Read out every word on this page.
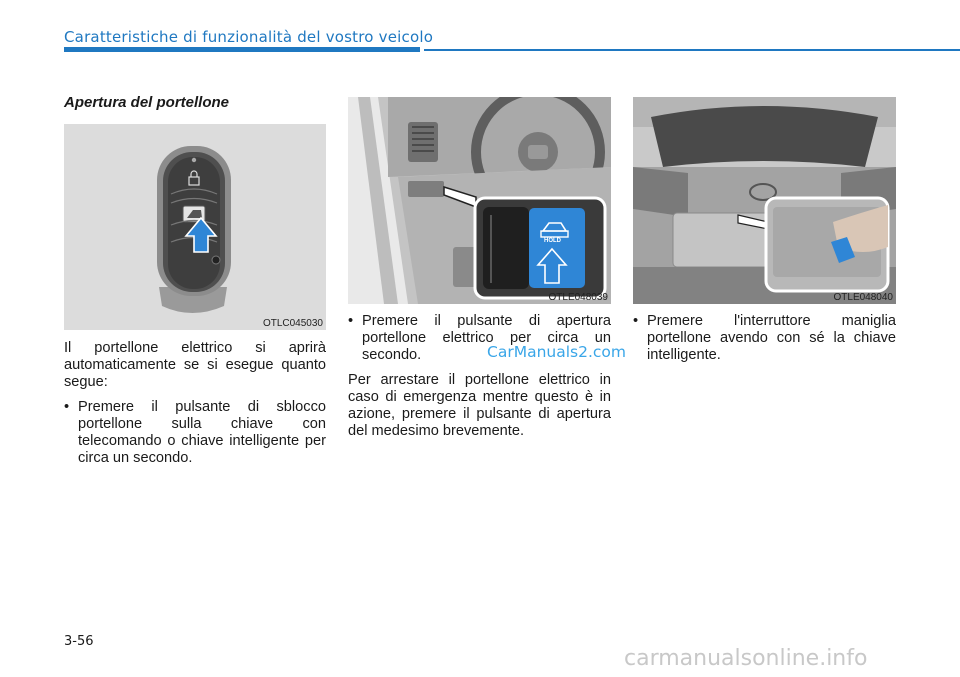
Caratteristiche di funzionalità del vostro veicolo
Apertura del portellone
OTLC045030
HOLD
OTLE048039	OTLE048040

Il portellone elettrico si aprirà automaticamente se si esegue quanto segue:

• Premere il pulsante di sblocco portellone sulla chiave con telecomando o chiave intelligente per circa un secondo.

• Premere il pulsante di apertura portellone elettrico per circa un secondo.

Per arrestare il portellone elettrico in caso di emergenza mentre questo è in azione, premere il pulsante di apertura del medesimo brevemente.

• Premere l'interruttore maniglia portellone avendo con sé la chiave intelligente.

CarManuals2.com
3-56
carmanualsonline.info
